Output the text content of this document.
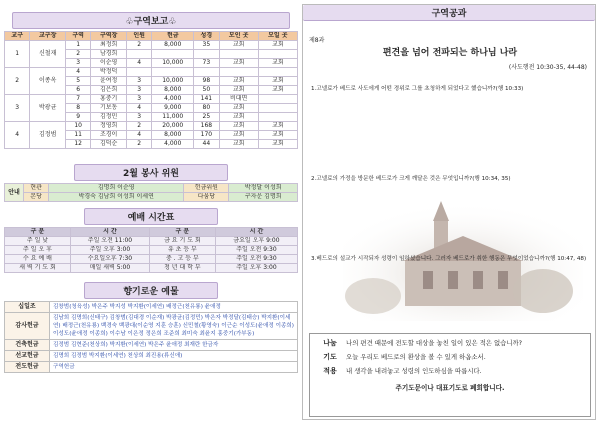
♧구역보고♧
교구	교구장	구역	구역장	인원	헌금	성경	모인 곳	모일 곳
1	신철재	1	최정희	2	8,000	35	교회	교회
		2	남경희					
		3	이순영	4	10,000	73	교회	교회
2	이종옥	4	박정덕					
		5	윤여정	3	10,000	98	교회	교회
		6	김은희	3	8,000	50	교회	교회
3	박광균	7	홍중기	3	4,000	141	비대면	
		8	기보동	4	9,000	80	교회	
		9	김정민	3	11,000	25	교회	
4	김정범	10	정영희	2	20,000	168	교회	교회
		11	조경이	4	8,000	170	교회	교회
		12	김덕순	2	4,000	44	교회	교회
2월 봉사 위원
안내	현관	김명희 이순영	헌금위원	박정달 이성희
	본당	박경숙 김남희 이성희 이세연	다움당	구자운 김명희
예배 시간표
구 분	시 간	구 분	시 간
주 일 낮	주일 오전 11:00	금 요 기 도 회	금요일 오후 9:00
주 일 오 후	주일 오후 3:00	유 초 등 부	주일 오전 9:30
수 요 예 배	수요일오후 7:30	중 . 고 등 부	주일 오전 9:30
새 벽 기 도 회	매일 새벽 5:00	청 년 대 학 부	주일 오후 3:00
향기로운 예물
십일조	김창범(청육성) 박은주 박지성 박지환(이세연) 배정근(천유룡) 윤애정
감사헌금	김남희 김명희(신태구) 김창범(김대경 이순재) 박광균(김정민) 박은자 박정달(김태승) 박지환(이세연) 배정근(천유룡) 백경숙 백광대(이순영 지훈 승훈) 신민철(황영숙) 이근순 이성도(윤애정 이종희) 이성도(윤애정 이종희) 이수남 이은정 정은희 조준희 최미숙 최윤지 홍중기(가부동)
건축헌금	김정범 김현준(천상희) 박지환(이세연) 박은주 윤애정 최재란 한금자
선교헌금	김명희 김정범 박지환(이세연) 천상희 최진용(류신애)
전도헌금	구역헌금
구역공과
제8과
편견을 넘어 전파되는 하나님 나라
(사도행전 10:30-35, 44-48)
1.고넬료가 베드로 사도에게 어떤 경위로 그를 초청하게 되었다고 했습니까?(행 10:33)
2.고넬료의 가정을 방문한 베드로가 크게 깨달은 것은 무엇입니까?(행 10:34, 35)
3.베드로의 설교가 시작되자 성령이 임하셨습니다. 그러자 베드로가 취한 행동은 무엇이었습니까?(행 10:47, 48)
나눔 나의 편견 때문에 전도할 대상을 놓친 일이 있은 적은 없습니까?
기도 오늘 우리도 베드로의 환상을 볼 수 있게 하옵소서.
적용 내 생각을 내려놓고 성령의 인도하심을 따릅시다.
주기도문이나 대표기도로 폐회합니다.
